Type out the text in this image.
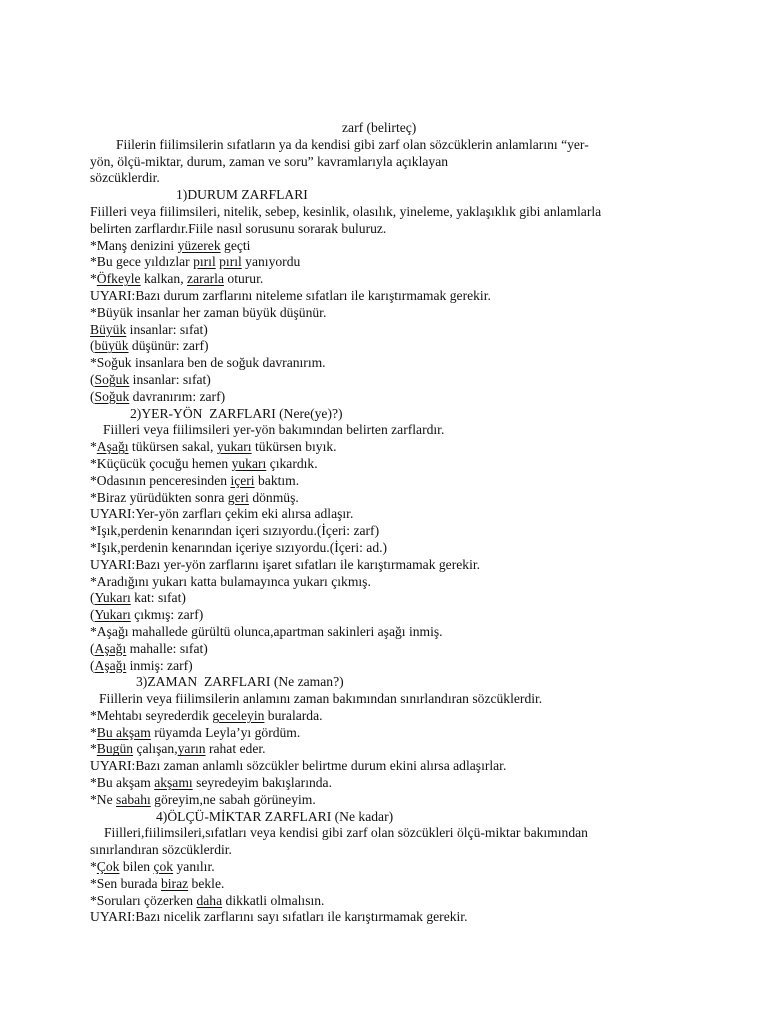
zarf (belirteç)

Fiilerin fiilimsilerin sıfatların ya da kendisi gibi zarf olan sözcüklerin anlamlarını “yer-

yön, ölçü-miktar, durum, zaman ve soru” kavramlarıyla açıklayan

sözcüklerdir.

1)DURUM ZARFLARI

Fiilleri veya fiilimsileri, nitelik, sebep, kesinlik, olasılık, yineleme, yaklaşıklık gibi anlamlarla

belirten zarflardır.Fiile nasıl sorusunu sorarak buluruz.

*Manş denizini yüzerek geçti

*Bu gece yıldızlar pırıl pırıl yanıyordu

*Öfkeyle kalkan, zararla oturur.

UYARI:Bazı durum zarflarını niteleme sıfatları ile karıştırmamak gerekir.

*Büyük insanlar her zaman büyük düşünür.

Büyük insanlar: sıfat)

(büyük düşünür: zarf)

*Soğuk insanlara ben de soğuk davranırım.

(Soğuk insanlar: sıfat)

(Soğuk davranırım: zarf)

2)YER-YÖN  ZARFLARI (Nere(ye)?)

Fiilleri veya fiilimsileri yer-yön bakımından belirten zarflardır.

*Aşağı tükürsen sakal, yukarı tükürsen bıyık.

*Küçücük çocuğu hemen yukarı çıkardık.

*Odasının penceresinden içeri baktım.

*Biraz yürüdükten sonra geri dönmüş.

UYARI:Yer-yön zarfları çekim eki alırsa adlaşır.

*Işık,perdenin kenarından içeri sızıyordu.(İçeri: zarf)

*Işık,perdenin kenarından içeriye sızıyordu.(İçeri: ad.)

UYARI:Bazı yer-yön zarflarını işaret sıfatları ile karıştırmamak gerekir.

*Aradığını yukarı katta bulamayınca yukarı çıkmış.

(Yukarı kat: sıfat)

(Yukarı çıkmış: zarf)

*Aşağı mahallede gürültü olunca,apartman sakinleri aşağı inmiş.

(Aşağı mahalle: sıfat)

(Aşağı inmiş: zarf)

3)ZAMAN  ZARFLARI (Ne zaman?)

Fiillerin veya fiilimsilerin anlamını zaman bakımından sınırlandıran sözcüklerdir.

*Mehtabı seyrederdik geceleyin buralarda.

*Bu akşam rüyamda Leyla’yı gördüm.

*Bugün çalışan,yarın rahat eder.

UYARI:Bazı zaman anlamlı sözcükler belirtme durum ekini alırsa adlaşırlar.

*Bu akşam akşamı seyredeyim bakışlarında.

*Ne sabahı göreyim,ne sabah görüneyim.

4)ÖLÇÜ-MİKTAR ZARFLARI (Ne kadar)

Fiilleri,fiilimsileri,sıfatları veya kendisi gibi zarf olan sözcükleri ölçü-miktar bakımından

sınırlandıran sözcüklerdir.

*Çok bilen çok yanılır.

*Sen burada biraz bekle.

*Soruları çözerken daha dikkatli olmalısın.

UYARI:Bazı nicelik zarflarını sayı sıfatları ile karıştırmamak gerekir.
